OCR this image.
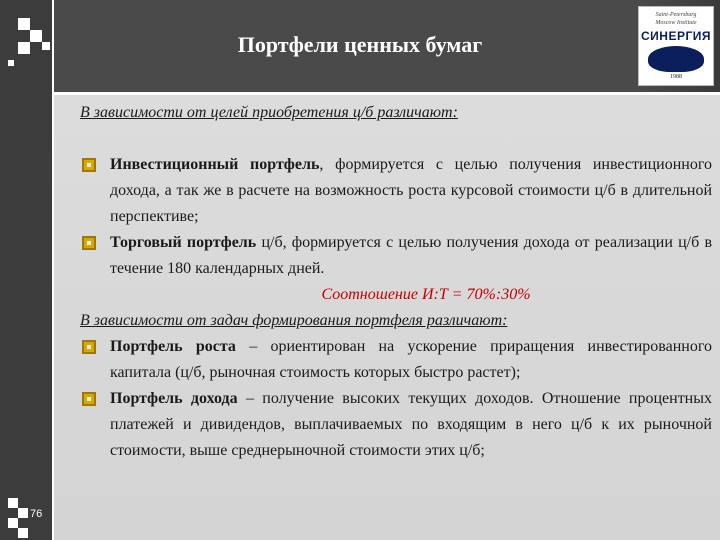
Портфели ценных бумаг
Saint-Petersburg
Moscow Institute
СИНЕРГИЯ
1988
В зависимости от целей приобретения ц/б различают:
Инвестиционный портфель, формируется с целью получения инвестиционного дохода, а так же в расчете на возможность роста курсовой стоимости ц/б в длительной перспективе;
Торговый портфель ц/б, формируется с целью получения дохода от реализации ц/б в течение 180 календарных дней.
Соотношение И:Т = 70%:30%
В зависимости от задач формирования портфеля различают:
Портфель роста – ориентирован на ускорение приращения инвестированного капитала (ц/б, рыночная стоимость которых быстро растет);
Портфель дохода – получение высоких текущих доходов. Отношение процентных платежей и дивидендов, выплачиваемых по входящим в него ц/б к их рыночной стоимости, выше среднерыночной стоимости этих ц/б;
76
